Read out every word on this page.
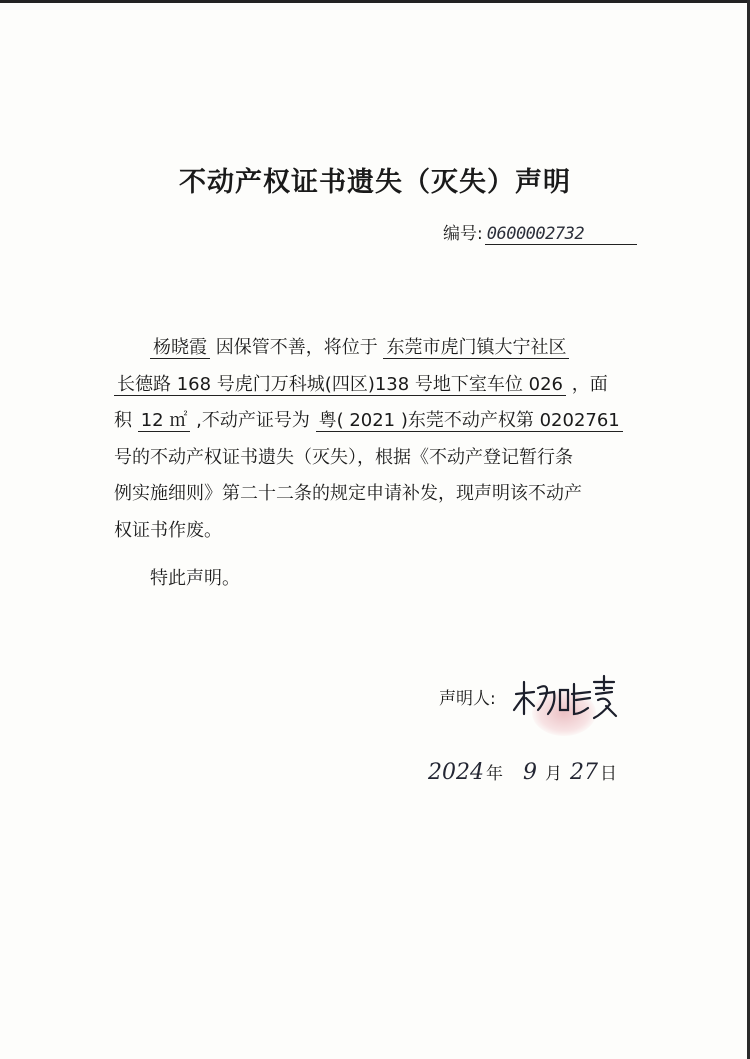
不动产权证书遗失（灭失）声明
编号: 0600002732
杨晓霞 因保管不善，将位于 东莞市虎门镇大宁社区
长德路 168 号虎门万科城(四区)138 号地下室车位 026 ，面
积 12 ㎡ ,不动产证号为 粤( 2021 )东莞不动产权第 0202761
号的不动产权证书遗失（灭失），根据《不动产登记暂行条
例实施细则》第二十二条的规定申请补发，现声明该不动产
权证书作废。
特此声明。
声明人:
2024 年 9 月 27 日
